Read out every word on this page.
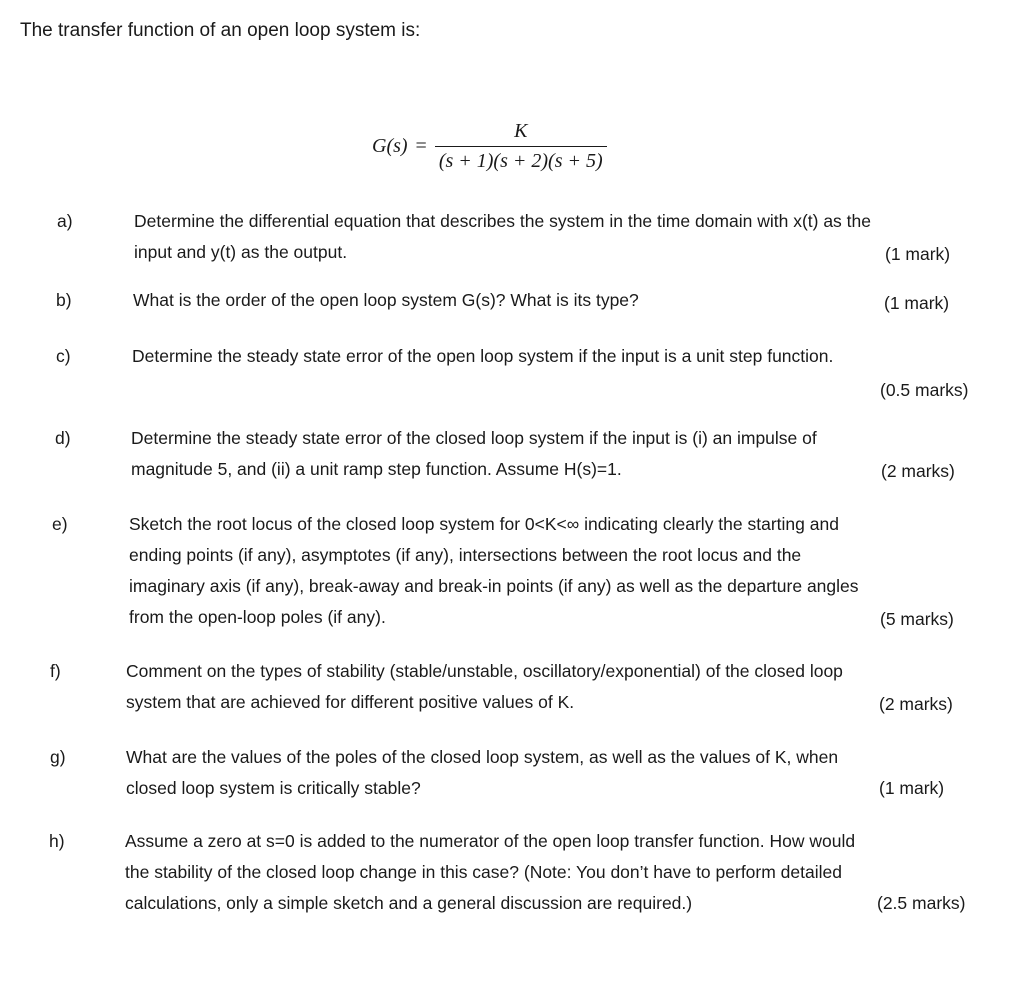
The transfer function of an open loop system is:
$G(s) = \frac{K}{(s + 1)(s + 2)(s + 5)}$
a)	Determine the differential equation that describes the system in the time domain with x(t) as the
input and y(t) as the output.	(1 mark)
b)	What is the order of the open loop system G(s)? What is its type?	(1 mark)
c)	Determine the steady state error of the open loop system if the input is a unit step function.
(0.5 marks)
d)	Determine the steady state error of the closed loop system if the input is (i) an impulse of
magnitude 5, and (ii) a unit ramp step function. Assume H(s)=1.	(2 marks)
e)	Sketch the root locus of the closed loop system for 0<K<∞ indicating clearly the starting and
ending points (if any), asymptotes (if any), intersections between the root locus and the
imaginary axis (if any), break-away and break-in points (if any) as well as the departure angles
from the open-loop poles (if any).	(5 marks)
f)	Comment on the types of stability (stable/unstable, oscillatory/exponential) of the closed loop
system that are achieved for different positive values of K.	(2 marks)
g)	What are the values of the poles of the closed loop system, as well as the values of K, when
closed loop system is critically stable?	(1 mark)
h)	Assume a zero at s=0 is added to the numerator of the open loop transfer function. How would
the stability of the closed loop change in this case? (Note: You don’t have to perform detailed
calculations, only a simple sketch and a general discussion are required.)	(2.5 marks)
